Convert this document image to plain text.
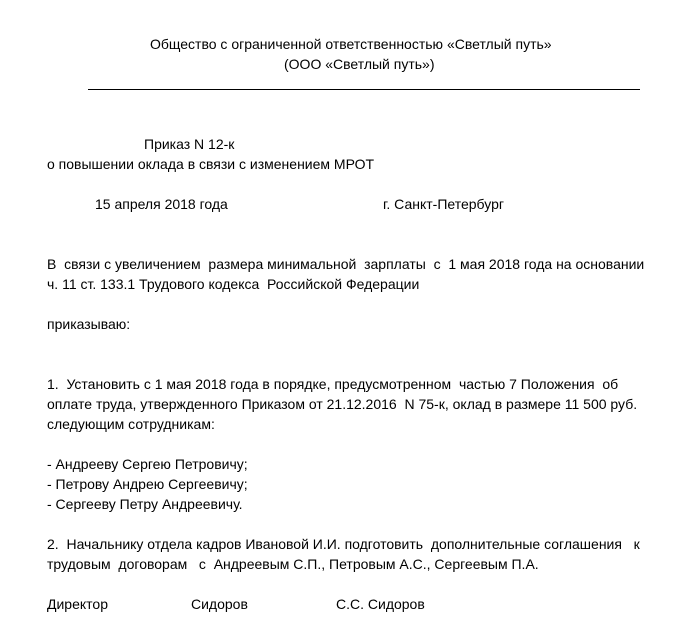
Общество с ограниченной ответственностью «Светлый путь»

(ООО «Светлый путь»)

Приказ N 12-к

о повышении оклада в связи с изменением МРОТ

15 апреля 2018 года	г. Санкт-Петербург

В  связи с увеличением  размера минимальной  зарплаты  с  1 мая 2018 года на основании

ч. 11 ст. 133.1 Трудового кодекса  Российской Федерации

приказываю:

1.  Установить с 1 мая 2018 года в порядке, предусмотренном  частью 7 Положения  об

оплате труда, утвержденного Приказом от 21.12.2016  N 75-к, оклад в размере 11 500 руб.

следующим сотрудникам:

- Андрееву Сергею Петровичу;

- Петрову Андрею Сергеевичу;

- Сергееву Петру Андреевичу.

2.  Начальнику отдела кадров Ивановой И.И. подготовить  дополнительные соглашения   к

трудовым  договорам   с  Андреевым С.П., Петровым А.С., Сергеевым П.А.

Директор	Сидоров	С.С. Сидоров
